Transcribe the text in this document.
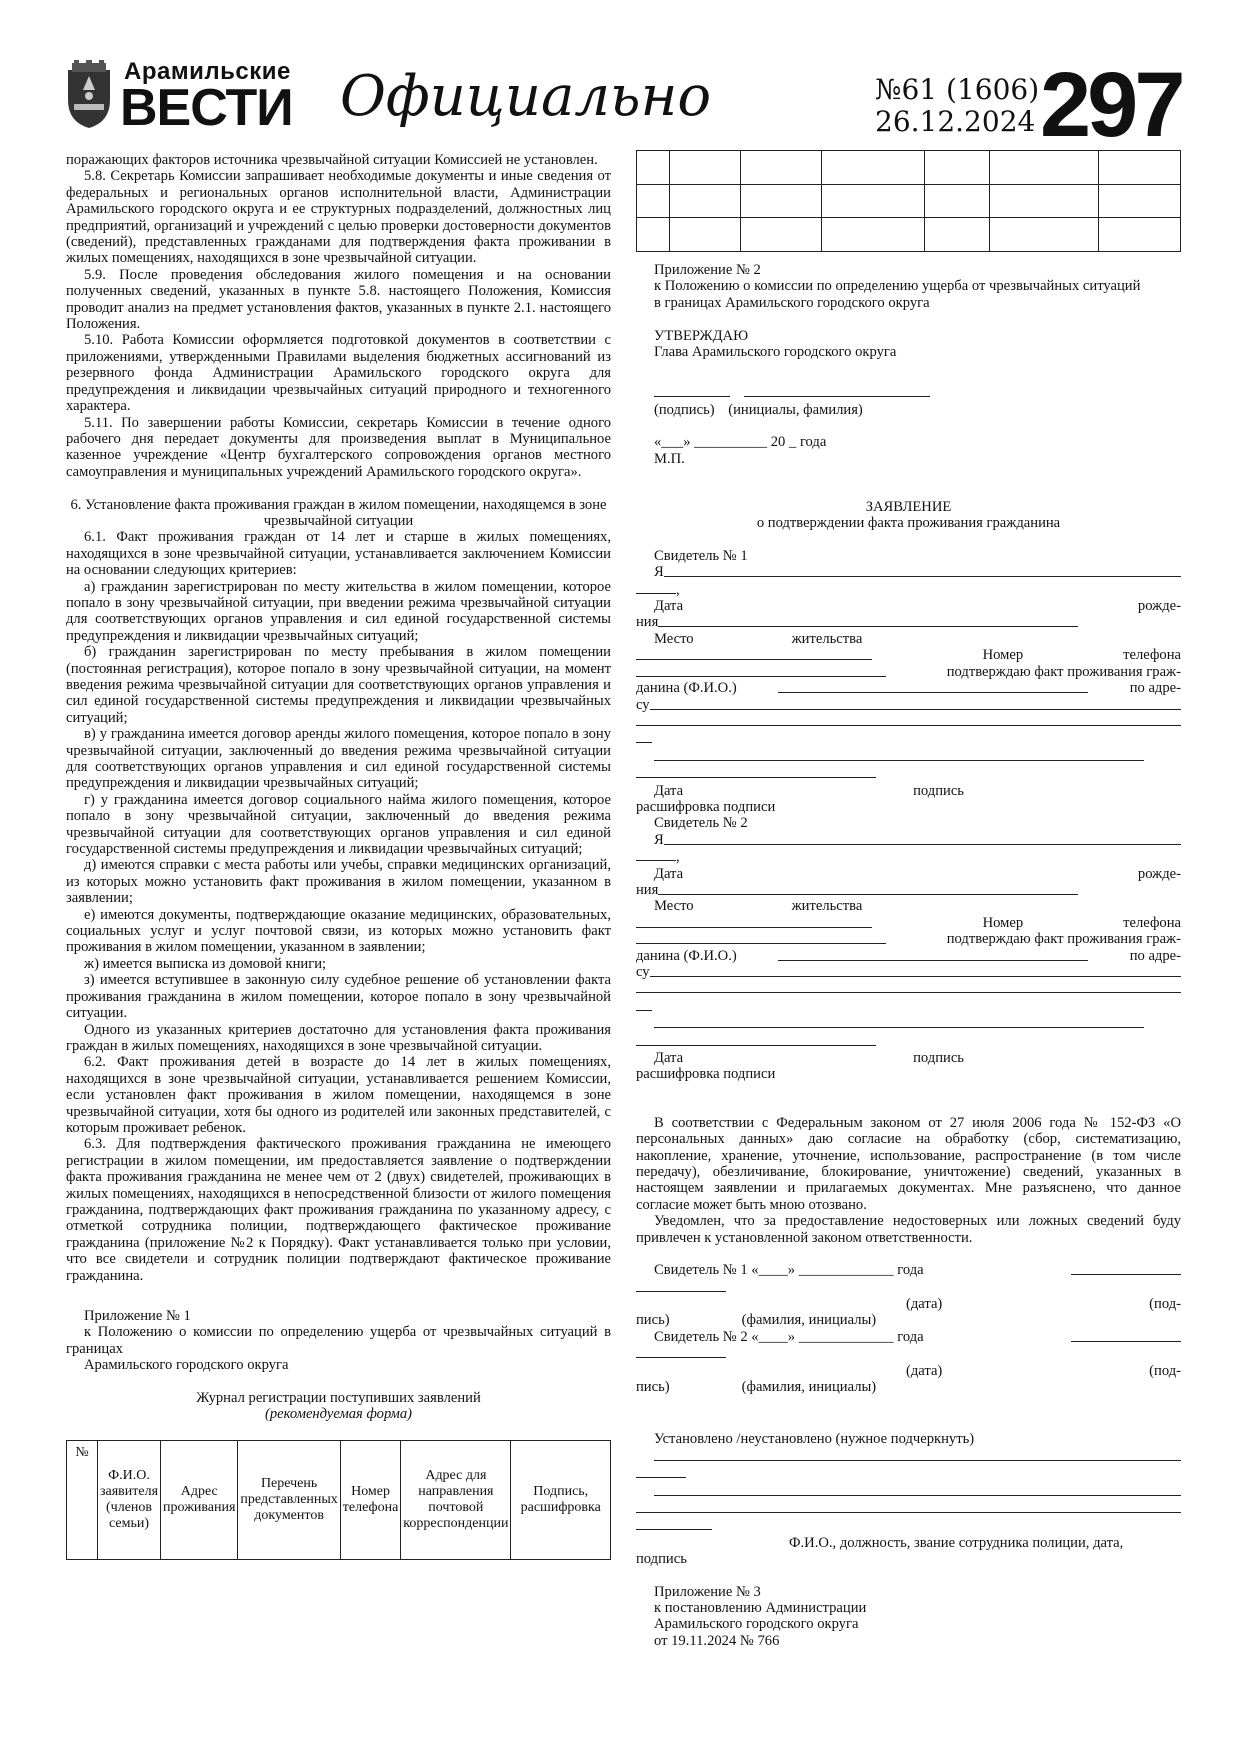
Арамильские
ВЕСТИ Официально	№61 (1606)
26.12.2024 297

поражающих факторов источника чрезвычайной ситуации Комиссией не установлен.

5.8. Секретарь Комиссии запрашивает необходимые документы и иные сведения от федеральных и региональных органов исполнительной власти, Администрации Арамильского городского округа и ее структурных подразделений, должностных лиц предприятий, организаций и учреждений с целью проверки достоверности документов (сведений), представленных гражданами для подтверждения факта проживании в жилых помещениях, находящихся в зоне чрезвычайной ситуации.

5.9. После проведения обследования жилого помещения и на основании полученных сведений, указанных в пункте 5.8. настоящего Положения, Комиссия проводит анализ на предмет установления фактов, указанных в пункте 2.1. настоящего Положения.

5.10. Работа Комиссии оформляется подготовкой документов в соответствии с приложениями, утвержденными Правилами выделения бюджетных ассигнований из резервного фонда Администрации Арамильского городского округа для предупреждения и ликвидации чрезвычайных ситуаций природного и техногенного характера.

5.11. По завершении работы Комиссии, секретарь Комиссии в течение одного рабочего дня передает документы для произведения выплат в Муниципальное казенное учреждение «Центр бухгалтерского сопровождения органов местного самоуправления и муниципальных учреждений Арамильского городского округа».

6. Установление факта проживания граждан в жилом помещении, находящемся в зоне чрезвычайной ситуации

6.1. Факт проживания граждан от 14 лет и старше в жилых помещениях, находящихся в зоне чрезвычайной ситуации, устанавливается заключением Комиссии на основании следующих критериев:

а) гражданин зарегистрирован по месту жительства в жилом помещении, которое попало в зону чрезвычайной ситуации, при введении режима чрезвычайной ситуации для соответствующих органов управления и сил единой государственной системы предупреждения и ликвидации чрезвычайных ситуаций;

б) гражданин зарегистрирован по месту пребывания в жилом помещении (постоянная регистрация), которое попало в зону чрезвычайной ситуации, на момент введения режима чрезвычайной ситуации для соответствующих органов управления и сил единой государственной системы предупреждения и ликвидации чрезвычайных ситуаций;

в) у гражданина имеется договор аренды жилого помещения, которое попало в зону чрезвычайной ситуации, заключенный до введения режима чрезвычайной ситуации для соответствующих органов управления и сил единой государственной системы предупреждения и ликвидации чрезвычайных ситуаций;

г) у гражданина имеется договор социального найма жилого помещения, которое попало в зону чрезвычайной ситуации, заключенный до введения режима чрезвычайной ситуации для соответствующих органов управления и сил единой государственной системы предупреждения и ликвидации чрезвычайных ситуаций;

д) имеются справки с места работы или учебы, справки медицинских организаций, из которых можно установить факт проживания в жилом помещении, указанном в заявлении;

е) имеются документы, подтверждающие оказание медицинских, образовательных, социальных услуг и услуг почтовой связи, из которых можно установить факт проживания в жилом помещении, указанном в заявлении;

ж) имеется выписка из домовой книги;

з) имеется вступившее в законную силу судебное решение об установлении факта проживания гражданина в жилом помещении, которое попало в зону чрезвычайной ситуации.

Одного из указанных критериев достаточно для установления факта проживания граждан в жилых помещениях, находящихся в зоне чрезвычайной ситуации.

6.2. Факт проживания детей в возрасте до 14 лет в жилых помещениях, находящихся в зоне чрезвычайной ситуации, устанавливается решением Комиссии, если установлен факт проживания в жилом помещении, находящемся в зоне чрезвычайной ситуации, хотя бы одного из родителей или законных представителей, с которым проживает ребенок.

6.3. Для подтверждения фактического проживания гражданина не имеющего регистрации в жилом помещении, им предоставляется заявление о подтверждении факта проживания гражданина не менее чем от 2 (двух) свидетелей, проживающих в жилых помещениях, находящихся в непосредственной близости от жилого помещения гражданина, подтверждающих факт проживания гражданина по указанному адресу, с отметкой сотрудника полиции, подтверждающего фактическое проживание гражданина (приложение №2 к Порядку). Факт устанавливается только при условии, что все свидетели и сотрудник полиции подтверждают фактическое проживание гражданина.

Приложение № 1

к Положению о комиссии по определению ущерба от чрезвычайных ситуаций в границах

Арамильского городского округа

Журнал регистрации поступивших заявлений

(рекомендуемая форма)

№	Ф.И.О. заявителя (членов семьи)	Адрес проживания	Перечень представленных документов	Номер телефона	Адрес для направления почтовой корреспонденции	Подпись, расшифровка

Приложение № 2

к Положению о комиссии по определению ущерба от чрезвычайных ситуаций

в границах Арамильского городского округа

УТВЕРЖДАЮ

Глава Арамильского городского округа

(подпись) (инициалы, фамилия)

«___» __________ 20 _ года

М.П.

ЗАЯВЛЕНИЕ

о подтверждении факта проживания гражданина

Свидетель № 1

Я
,
Дата	рожде-
ния
Место	жительства
Номер	телефона
подтверждаю факт проживания граж-
данина (Ф.И.О.)	по адре-
су
Дата	подпись
расшифровка подписи

Свидетель № 2

Я
,
Дата	рожде-
ния
Место	жительства
Номер	телефона
подтверждаю факт проживания граж-
данина (Ф.И.О.)	по адре-
су
Дата	подпись
расшифровка подписи

В соответствии с Федеральным законом от 27 июля 2006 года № 152-ФЗ «О персональных данных» даю согласие на обработку (сбор, систематизацию, накопление, хранение, уточнение, использование, распространение (в том числе передачу), обезличивание, блокирование, уничтожение) сведений, указанных в настоящем заявлении и прилагаемых документах. Мне разъяснено, что данное согласие может быть мною отозвано.

Уведомлен, что за предоставление недостоверных или ложных сведений буду привлечен к установленной законом ответственности.

Свидетель № 1 «____» _____________ года
(дата)	(под-
пись)	(фамилия, инициалы)
Свидетель № 2 «____» _____________ года
(дата)	(под-
пись)	(фамилия, инициалы)

Установлено /неустановлено (нужное подчеркнуть)

Ф.И.О., должность, звание сотрудника полиции, дата,

подпись

Приложение № 3

к постановлению Администрации

Арамильского городского округа

от 19.11.2024 № 766
